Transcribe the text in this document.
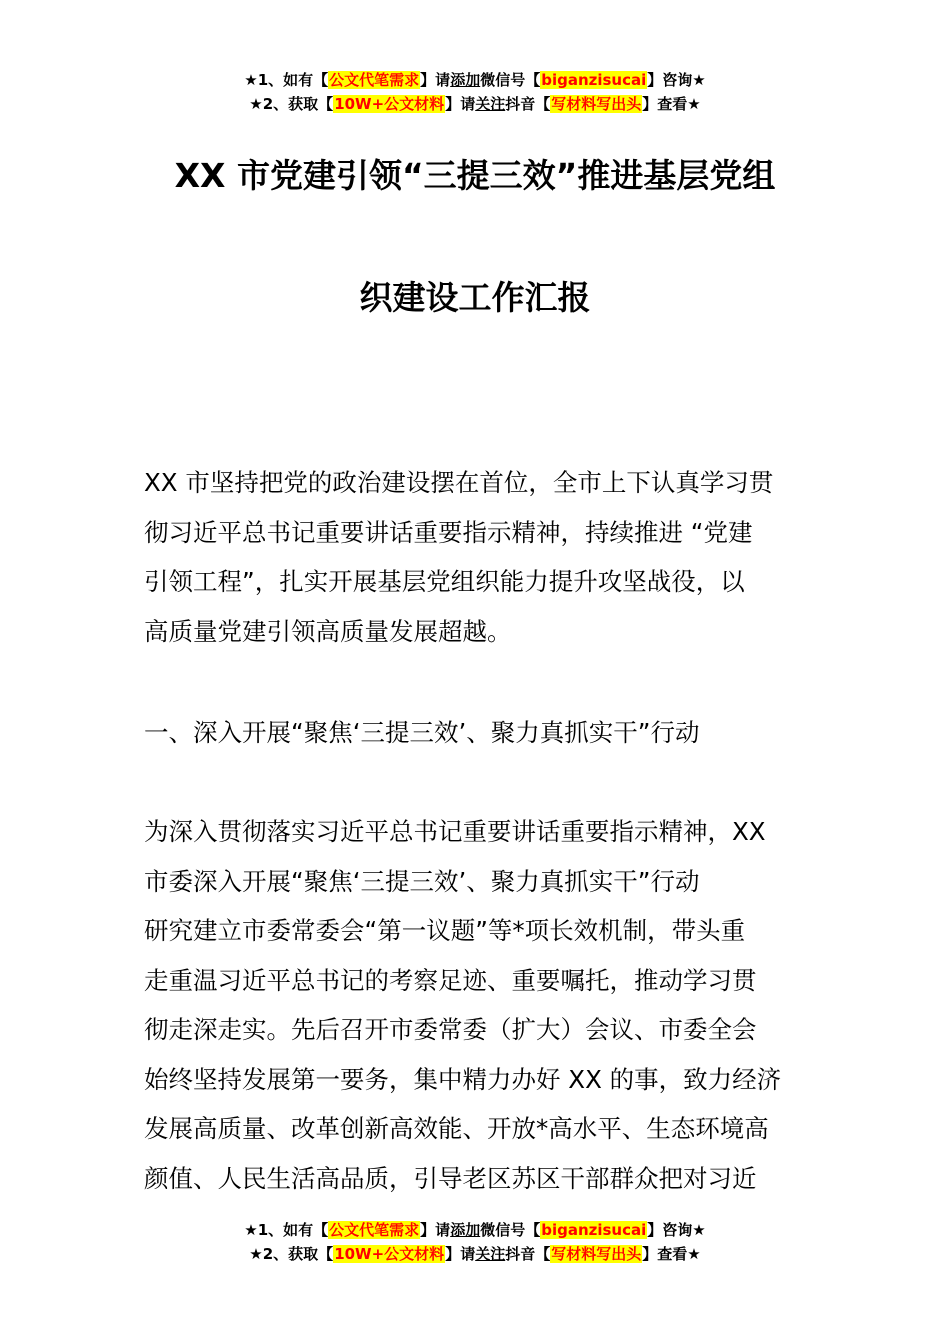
★1、如有【公文代笔需求】请添加微信号【biganzisucai】咨询★
★2、获取【10W+公文材料】请关注抖音【写材料写出头】查看★
XX 市党建引领“三提三效”推进基层党组
织建设工作汇报
XX 市坚持把党的政治建设摆在首位，全市上下认真学习贯
彻习近平总书记重要讲话重要指示精神，持续推进 “党建
引领工程”，扎实开展基层党组织能力提升攻坚战役，以
高质量党建引领高质量发展超越。
一、深入开展“聚焦‘三提三效’、聚力真抓实干”行动
为深入贯彻落实习近平总书记重要讲话重要指示精神，XX
市委深入开展“聚焦‘三提三效’、聚力真抓实干”行动
研究建立市委常委会“第一议题”等*项长效机制，带头重
走重温习近平总书记的考察足迹、重要嘱托，推动学习贯
彻走深走实。先后召开市委常委（扩大）会议、市委全会
始终坚持发展第一要务，集中精力办好 XX 的事，致力经济
发展高质量、改革创新高效能、开放*高水平、生态环境高
颜值、人民生活高品质，引导老区苏区干部群众把对习近
★1、如有【公文代笔需求】请添加微信号【biganzisucai】咨询★
★2、获取【10W+公文材料】请关注抖音【写材料写出头】查看★
